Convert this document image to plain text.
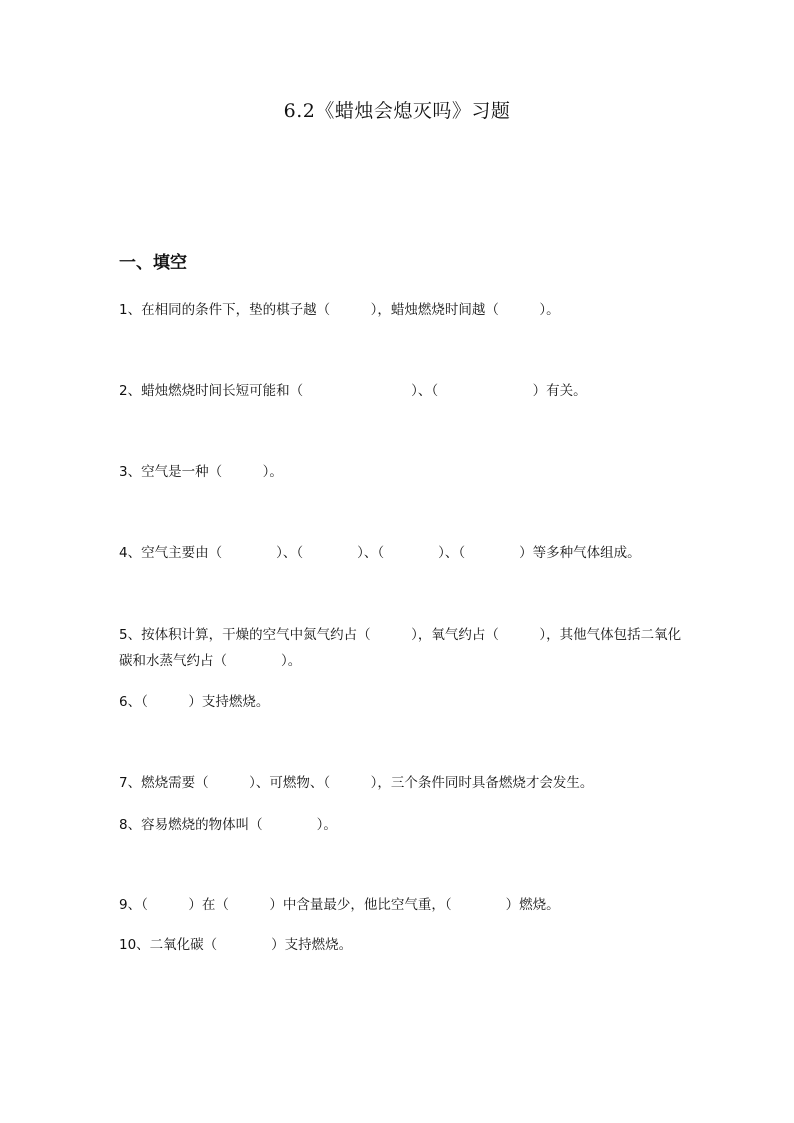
6.2《蜡烛会熄灭吗》习题
一、填空
1、在相同的条件下，垫的棋子越（　　　），蜡烛燃烧时间越（　　　）。
2、蜡烛燃烧时间长短可能和（　　　　　　　　）、（　　　　　　　）有关。
3、空气是一种（　　　）。
4、空气主要由（　　　　）、（　　　　）、（　　　　）、（　　　　）等多种气体组成。
5、按体积计算，干燥的空气中氮气约占（　　　），氧气约占（　　　），其他气体包括二氧化碳和水蒸气约占（　　　　）。
6、（　　　）支持燃烧。
7、燃烧需要（　　　）、可燃物、（　　　），三个条件同时具备燃烧才会发生。
8、容易燃烧的物体叫（　　　　）。
9、（　　　）在（　　　）中含量最少，他比空气重，（　　　　）燃烧。
10、二氧化碳（　　　　）支持燃烧。
